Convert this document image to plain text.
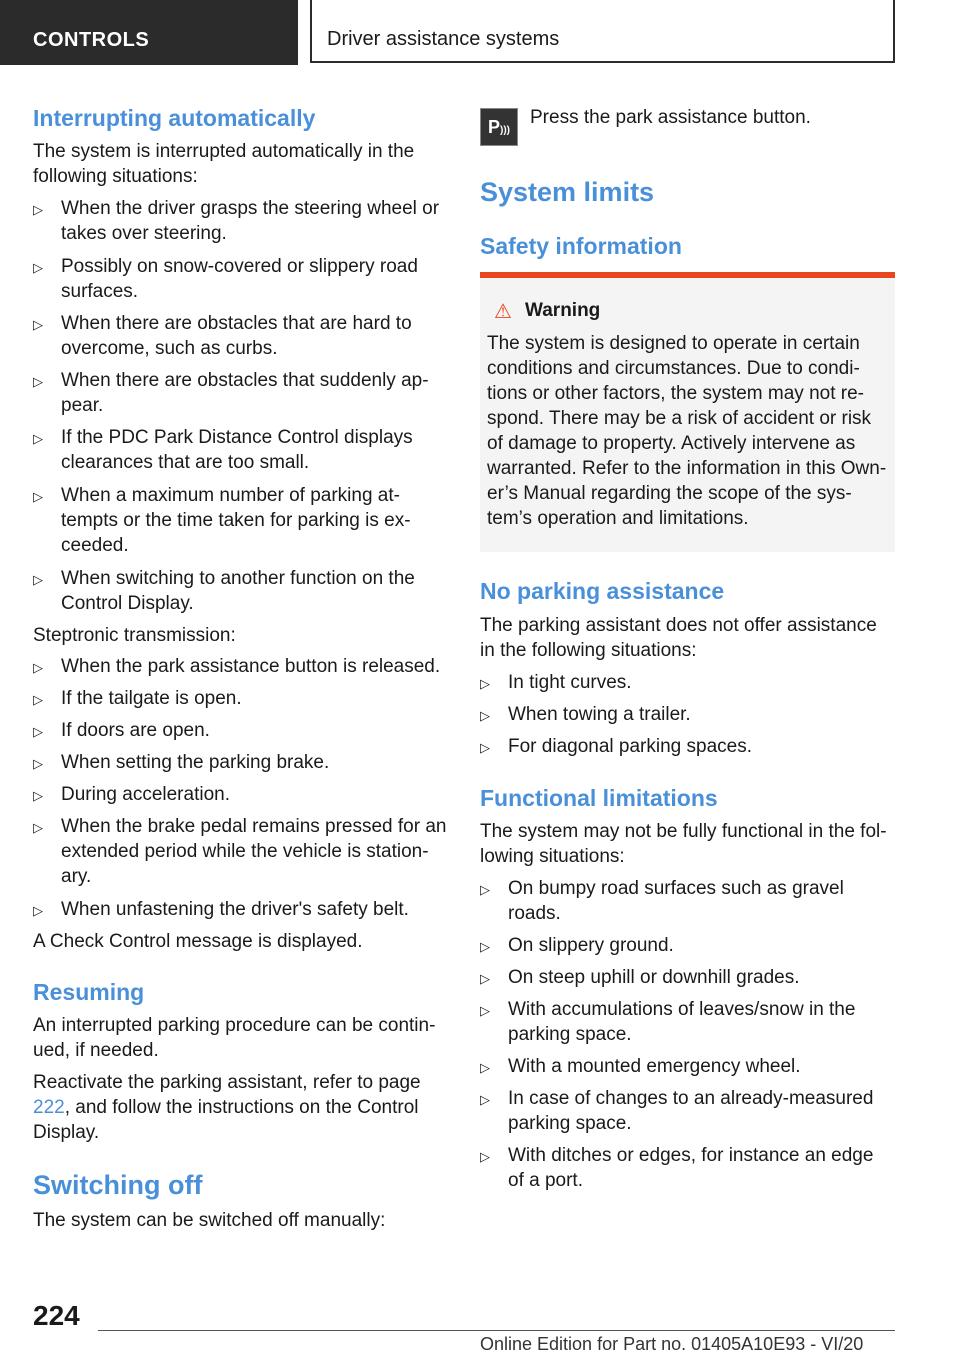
CONTROLS	Driver assistance systems
Interrupting automatically
The system is interrupted automatically in the following situations:
▷ When the driver grasps the steering wheel or takes over steering.
▷ Possibly on snow-covered or slippery road surfaces.
▷ When there are obstacles that are hard to overcome, such as curbs.
▷ When there are obstacles that suddenly ap-pear.
▷ If the PDC Park Distance Control displays clearances that are too small.
▷ When a maximum number of parking at-tempts or the time taken for parking is ex-ceeded.
▷ When switching to another function on the Control Display.
Steptronic transmission:
▷ When the park assistance button is released.
▷ If the tailgate is open.
▷ If doors are open.
▷ When setting the parking brake.
▷ During acceleration.
▷ When the brake pedal remains pressed for an extended period while the vehicle is station-ary.
▷ When unfastening the driver's safety belt.
A Check Control message is displayed.
Resuming
An interrupted parking procedure can be contin-ued, if needed.
Reactivate the parking assistant, refer to page 222, and follow the instructions on the Control Display.
Switching off
The system can be switched off manually:
P)))
Press the park assistance button.
System limits
Safety information
⚠ Warning
The system is designed to operate in certain conditions and circumstances. Due to condi-tions or other factors, the system may not re-spond. There may be a risk of accident or risk of damage to property. Actively intervene as warranted. Refer to the information in this Own-er’s Manual regarding the scope of the sys-tem’s operation and limitations.
No parking assistance
The parking assistant does not offer assistance in the following situations:
▷ In tight curves.
▷ When towing a trailer.
▷ For diagonal parking spaces.
Functional limitations
The system may not be fully functional in the fol-lowing situations:
▷ On bumpy road surfaces such as gravel roads.
▷ On slippery ground.
▷ On steep uphill or downhill grades.
▷ With accumulations of leaves/snow in the parking space.
▷ With a mounted emergency wheel.
▷ In case of changes to an already-measured parking space.
▷ With ditches or edges, for instance an edge of a port.
224
Online Edition for Part no. 01405A10E93 - VI/20
